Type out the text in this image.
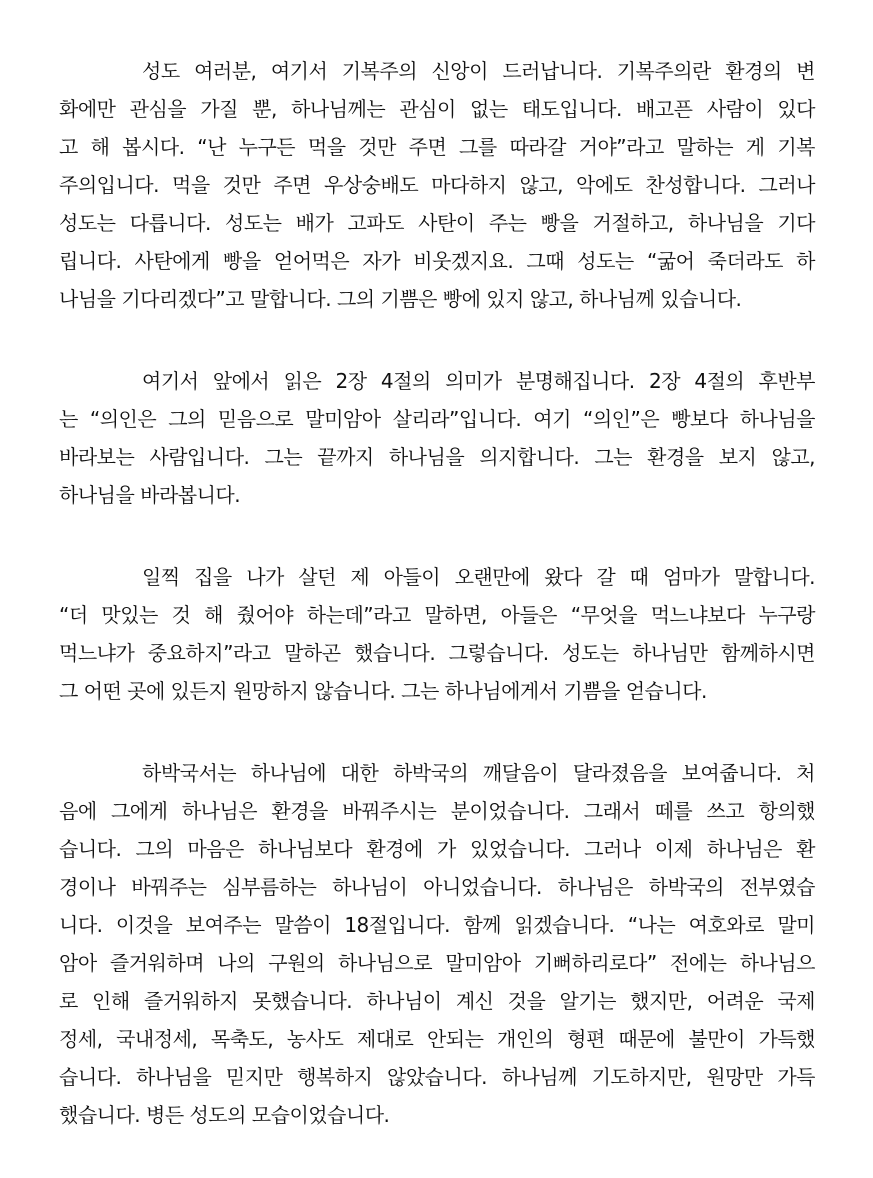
성도 여러분, 여기서 기복주의 신앙이 드러납니다. 기복주의란 환경의 변
화에만 관심을 가질 뿐, 하나님께는 관심이 없는 태도입니다. 배고픈 사람이 있다
고 해 봅시다. “난 누구든 먹을 것만 주면 그를 따라갈 거야”라고 말하는 게 기복
주의입니다. 먹을 것만 주면 우상숭배도 마다하지 않고, 악에도 찬성합니다. 그러나
성도는 다릅니다. 성도는 배가 고파도 사탄이 주는 빵을 거절하고, 하나님을 기다
립니다. 사탄에게 빵을 얻어먹은 자가 비웃겠지요. 그때 성도는 “굶어 죽더라도 하
나님을 기다리겠다”고 말합니다. 그의 기쁨은 빵에 있지 않고, 하나님께 있습니다.
여기서 앞에서 읽은 2장 4절의 의미가 분명해집니다. 2장 4절의 후반부
는 “의인은 그의 믿음으로 말미암아 살리라”입니다. 여기 “의인”은 빵보다 하나님을
바라보는 사람입니다. 그는 끝까지 하나님을 의지합니다. 그는 환경을 보지 않고,
하나님을 바라봅니다.
일찍 집을 나가 살던 제 아들이 오랜만에 왔다 갈 때 엄마가 말합니다.
“더 맛있는 것 해 줬어야 하는데”라고 말하면, 아들은 “무엇을 먹느냐보다 누구랑
먹느냐가 중요하지”라고 말하곤 했습니다. 그렇습니다. 성도는 하나님만 함께하시면
그 어떤 곳에 있든지 원망하지 않습니다. 그는 하나님에게서 기쁨을 얻습니다.
하박국서는 하나님에 대한 하박국의 깨달음이 달라졌음을 보여줍니다. 처
음에 그에게 하나님은 환경을 바꿔주시는 분이었습니다. 그래서 떼를 쓰고 항의했
습니다. 그의 마음은 하나님보다 환경에 가 있었습니다. 그러나 이제 하나님은 환
경이나 바꿔주는 심부름하는 하나님이 아니었습니다. 하나님은 하박국의 전부였습
니다. 이것을 보여주는 말씀이 18절입니다. 함께 읽겠습니다. “나는 여호와로 말미
암아 즐거워하며 나의 구원의 하나님으로 말미암아 기뻐하리로다” 전에는 하나님으
로 인해 즐거워하지 못했습니다. 하나님이 계신 것을 알기는 했지만, 어려운 국제
정세, 국내정세, 목축도, 농사도 제대로 안되는 개인의 형편 때문에 불만이 가득했
습니다. 하나님을 믿지만 행복하지 않았습니다. 하나님께 기도하지만, 원망만 가득
했습니다. 병든 성도의 모습이었습니다.
